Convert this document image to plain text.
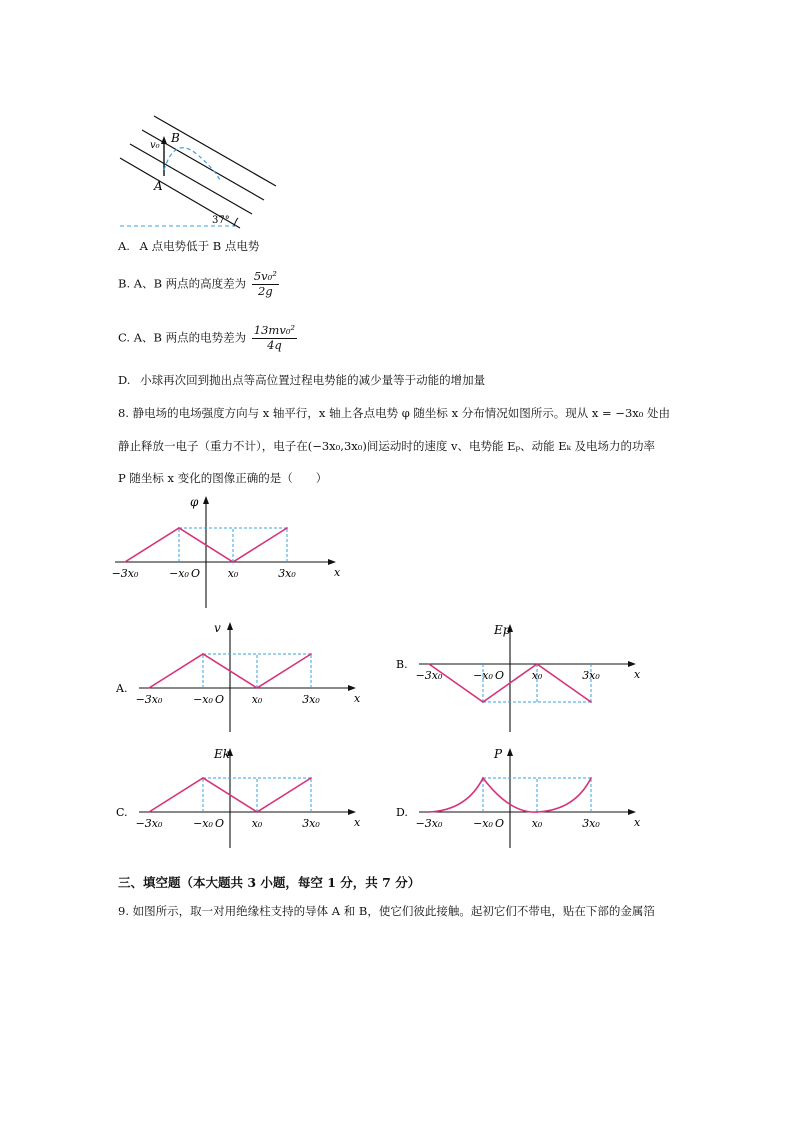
B
A
v₀
37°
A. A 点电势低于 B 点电势
B. A、B 两点的高度差为 $\frac{\text{5v₀²}}{2g}$
C. A、B 两点的电势差为 $\frac{\text{13mv₀²}}{4q}$
D. 小球再次回到抛出点等高位置过程电势能的减少量等于动能的增加量
8. 静电场的电场强度方向与 x 轴平行，x 轴上各点电势 φ 随坐标 x 分布情况如图所示。现从 x = −3x₀ 处由
静止释放一电子（重力不计），电子在(−3x₀,3x₀)间运动时的速度 v、电势能 Eₚ、动能 Eₖ 及电场力的功率
P 随坐标 x 变化的图像正确的是（　　）
−3x₀	−x₀ O	x₀	3x₀	x
φ
−3x₀	−x₀ O	x₀	3x₀	x
v
A.
−3x₀	−x₀ O	x₀	3x₀	x
Ep
B.
−3x₀	−x₀ O	x₀	3x₀	x
Ek
C.
−3x₀	−x₀ O	x₀	3x₀	x
P
D.
三、填空题（本大题共 3 小题，每空 1 分，共 7 分）
9. 如图所示，取一对用绝缘柱支持的导体 A 和 B，使它们彼此接触。起初它们不带电，贴在下部的金属箔
